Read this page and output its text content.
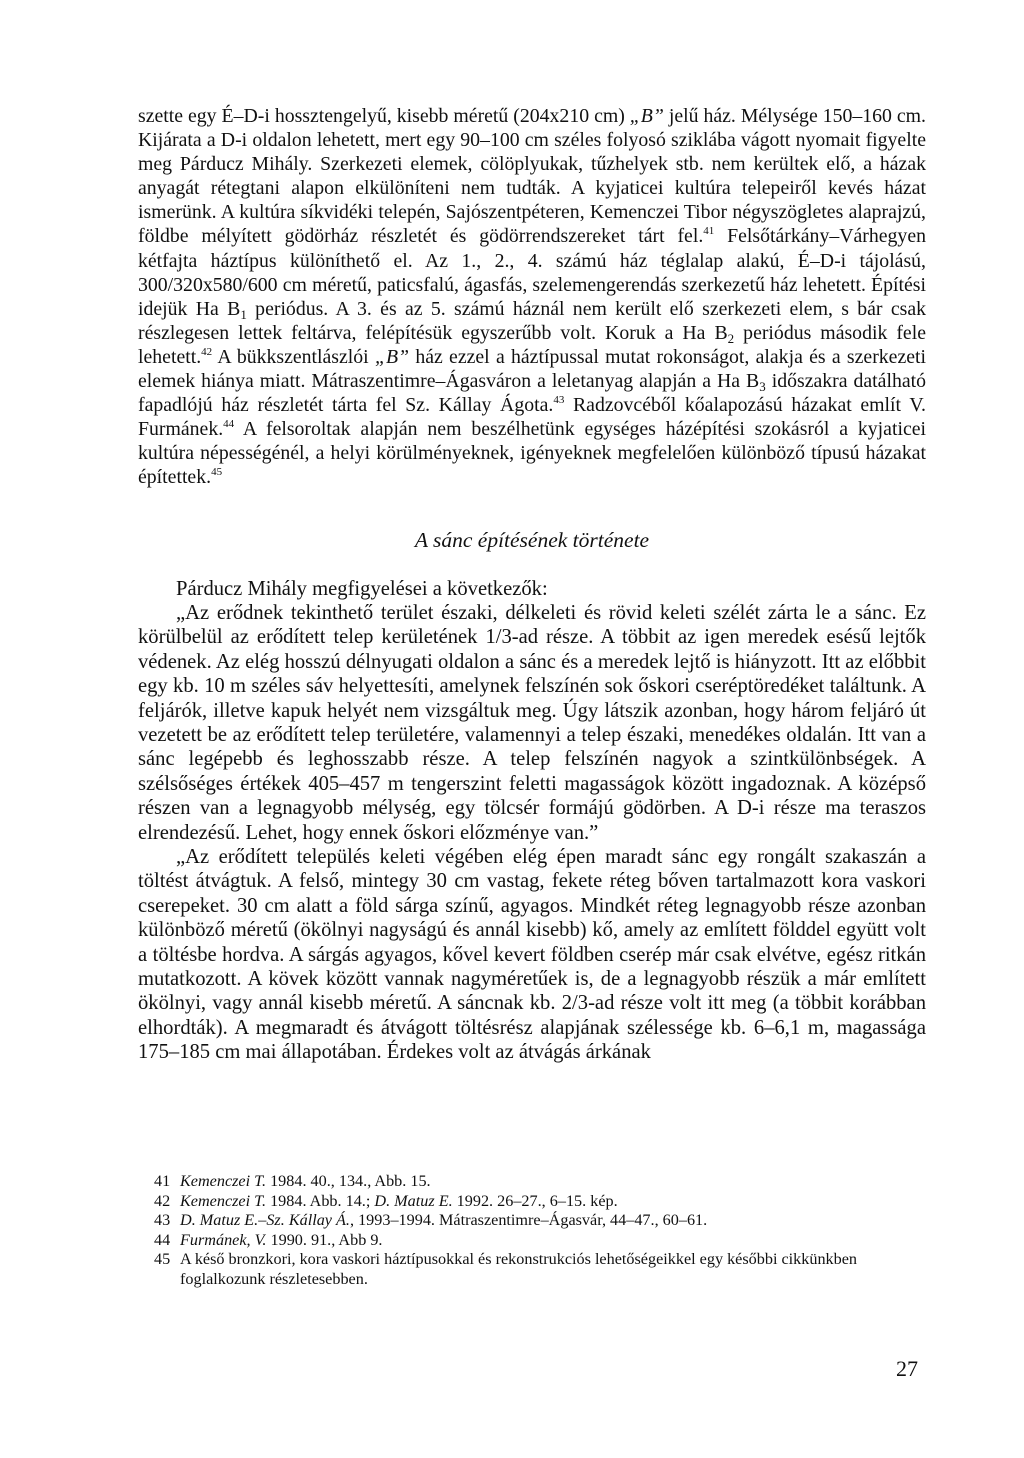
szette egy É–D-i hossztengelyű, kisebb méretű (204x210 cm) „B” jelű ház. Mélysége 150–160 cm. Kijárata a D-i oldalon lehetett, mert egy 90–100 cm széles folyosó sziklába vágott nyomait figyelte meg Párducz Mihály. Szerkezeti elemek, cölöplyukak, tűzhelyek stb. nem kerültek elő, a házak anyagát rétegtani alapon elkülöníteni nem tudták. A kyjaticei kultúra telepeiről kevés házat ismerünk. A kultúra síkvidéki telepén, Sajószentpéteren, Kemenczei Tibor négyszögletes alaprajzú, földbe mélyített gödörház részletét és gödörrendszereket tárt fel.$^{41}$ Felsőtárkány–Várhegyen kétfajta háztípus különíthető el. Az 1., 2., 4. számú ház téglalap alakú, É–D-i tájolású, 300/320x580/600 cm méretű, paticsfalú, ágasfás, szelemengerendás szerkezetű ház lehetett. Építési idejük Ha $B_1$ periódus. A 3. és az 5. számú háznál nem került elő szerkezeti elem, s bár csak részlegesen lettek feltárva, felépítésük egyszerűbb volt. Koruk a Ha $B_2$ periódus második fele lehetett.$^{42}$ A bükkszentlászlói „B” ház ezzel a háztípussal mutat rokonságot, alakja és a szerkezeti elemek hiánya miatt. Mátraszentimre–Ágasváron a leletanyag alapján a Ha $B_3$ időszakra datálható fapadlójú ház részletét tárta fel Sz. Kállay Ágota.$^{43}$ Radzovcéből kőalapozású házakat említ V. Furmánek.$^{44}$ A felsoroltak alapján nem beszélhetünk egységes házépítési szokásról a kyjaticei kultúra népességénél, a helyi körülményeknek, igényeknek megfelelően különböző típusú házakat építettek.$^{45}$

A sánc építésének története

Párducz Mihály megfigyelései a következők:

„Az erődnek tekinthető terület északi, délkeleti és rövid keleti szélét zárta le a sánc. Ez körülbelül az erődített telep kerületének 1/3-ad része. A többit az igen meredek esésű lejtők védenek. Az elég hosszú délnyugati oldalon a sánc és a meredek lejtő is hiányzott. Itt az előbbit egy kb. 10 m széles sáv helyettesíti, amelynek felszínén sok őskori cseréptöredéket találtunk. A feljárók, illetve kapuk helyét nem vizsgáltuk meg. Úgy látszik azonban, hogy három feljáró út vezetett be az erődített telep területére, valamennyi a telep északi, menedékes oldalán. Itt van a sánc legépebb és leghosszabb része. A telep felszínén nagyok a szintkülönbségek. A szélsőséges értékek 405–457 m tengerszint feletti magasságok között ingadoznak. A középső részen van a legnagyobb mélység, egy tölcsér formájú gödörben. A D-i része ma teraszos elrendezésű. Lehet, hogy ennek őskori előzménye van.”

„Az erődített település keleti végében elég épen maradt sánc egy rongált szakaszán a töltést átvágtuk. A felső, mintegy 30 cm vastag, fekete réteg bőven tartalmazott kora vaskori cserepeket. 30 cm alatt a föld sárga színű, agyagos. Mindkét réteg legnagyobb része azonban különböző méretű (ökölnyi nagyságú és annál kisebb) kő, amely az említett földdel együtt volt a töltésbe hordva. A sárgás agyagos, kővel kevert földben cserép már csak elvétve, egész ritkán mutatkozott. A kövek között vannak nagyméretűek is, de a legnagyobb részük a már említett ökölnyi, vagy annál kisebb méretű. A sáncnak kb. 2/3-ad része volt itt meg (a többit korábban elhordták). A megmaradt és átvágott töltésrész alapjának szélessége kb. 6–6,1 m, magassága 175–185 cm mai állapotában. Érdekes volt az átvágás árkának

41 Kemenczei T. 1984. 40., 134., Abb. 15.

42 Kemenczei T. 1984. Abb. 14.; D. Matuz E. 1992. 26–27., 6–15. kép.

43 D. Matuz E.–Sz. Kállay Á., 1993–1994. Mátraszentimre–Ágasvár, 44–47., 60–61.

44 Furmánek, V. 1990. 91., Abb 9.

45 A késő bronzkori, kora vaskori háztípusokkal és rekonstrukciós lehetőségeikkel egy későbbi cikkünkben foglalkozunk részletesebben.

27
